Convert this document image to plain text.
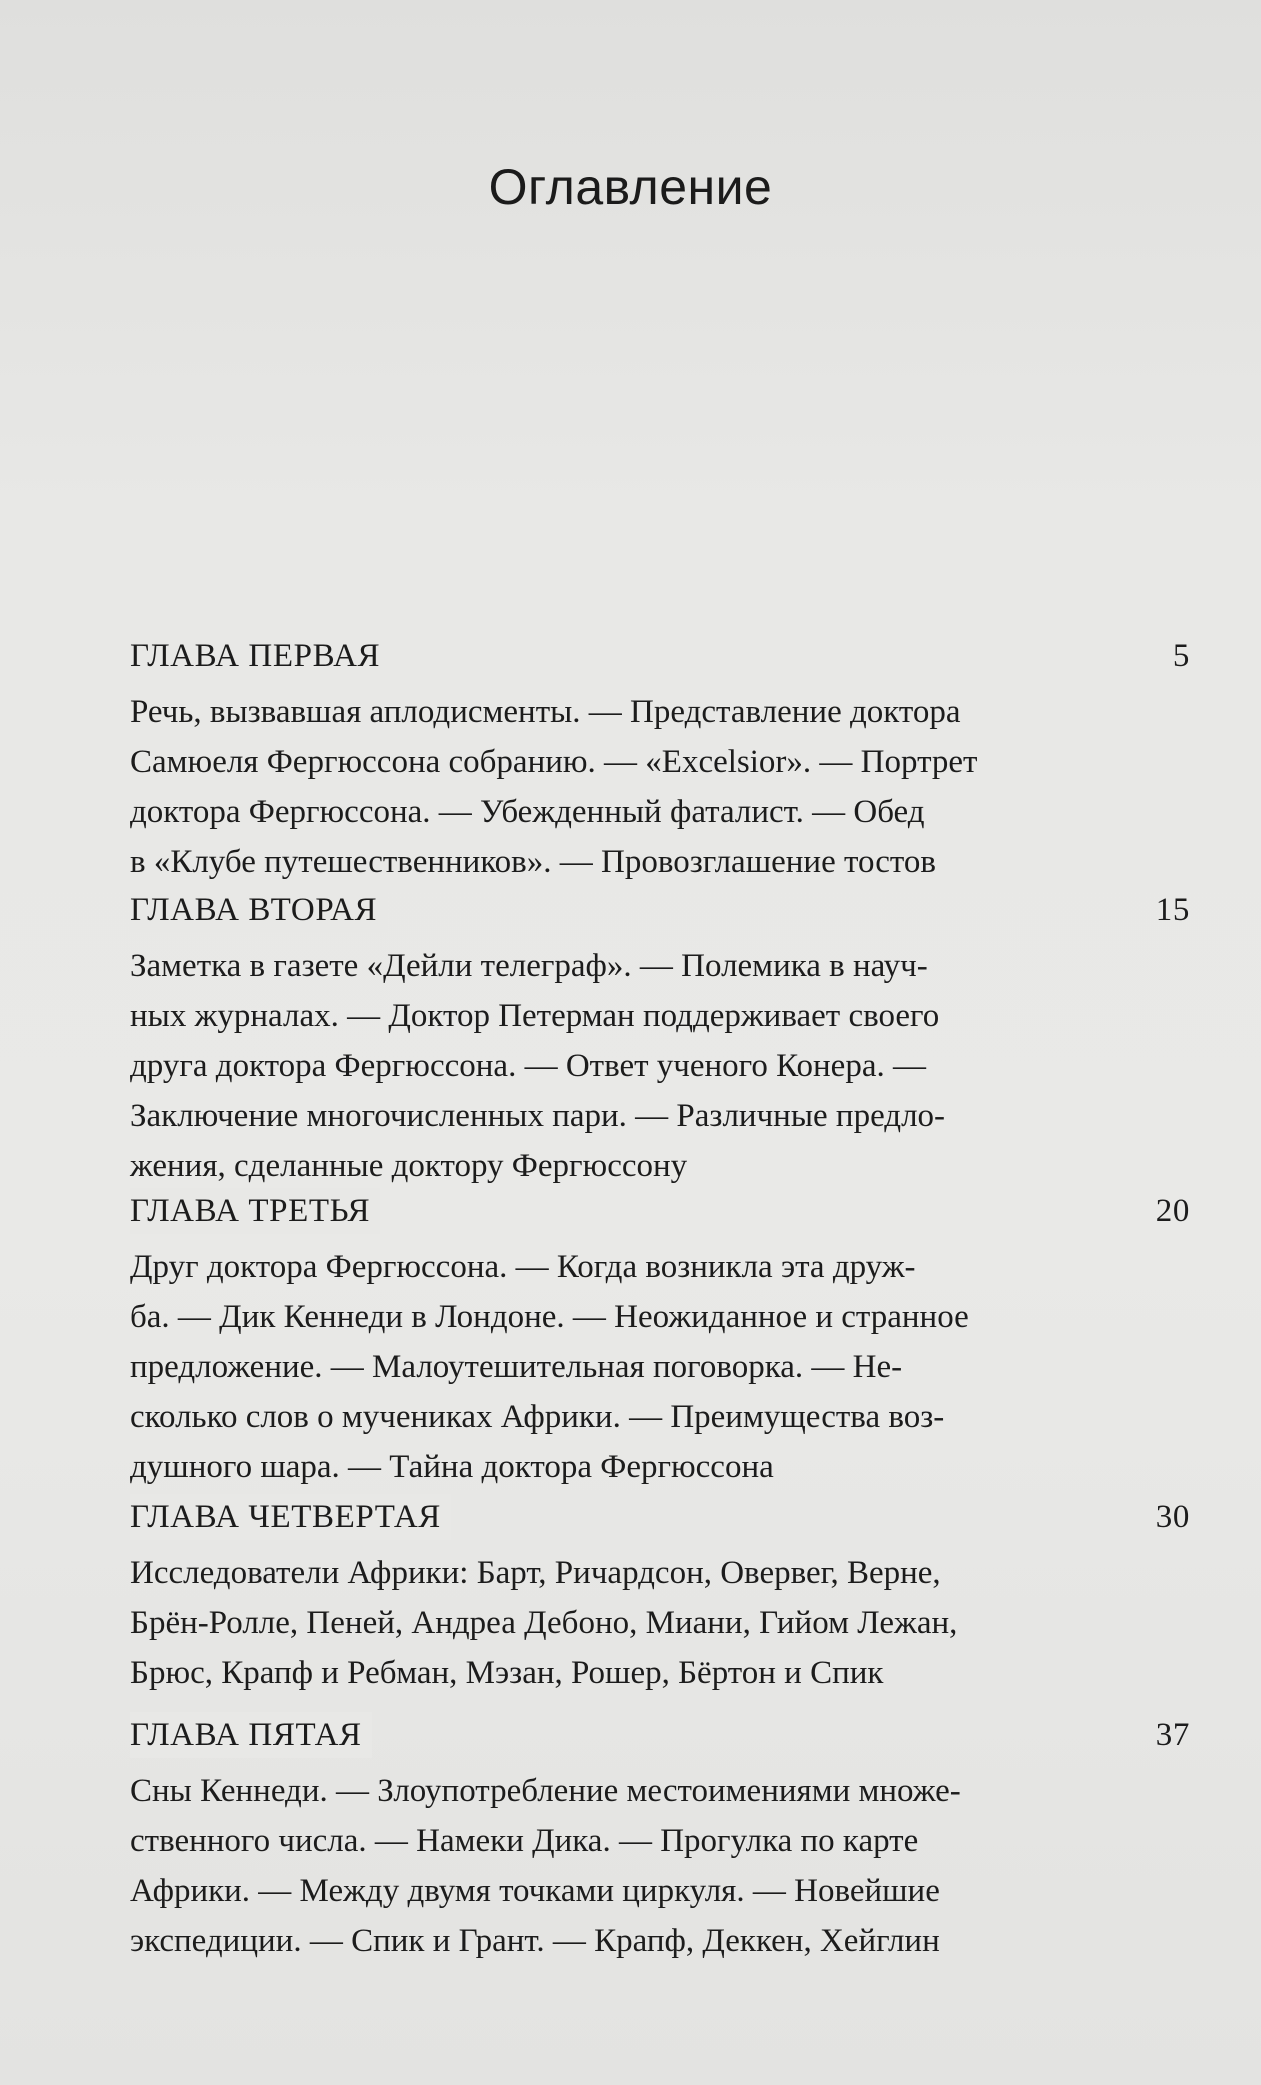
Оглавление
ГЛАВА ПЕРВАЯ	5
Речь, вызвавшая аплодисменты. — Представление доктора
Самюеля Фергюссона собранию. — «Excelsior». — Портрет
доктора Фергюссона. — Убежденный фаталист. — Обед
в «Клубе путешественников». — Провозглашение тостов
ГЛАВА ВТОРАЯ	15
Заметка в газете «Дейли телеграф». — Полемика в науч-
ных журналах. — Доктор Петерман поддерживает своего
друга доктора Фергюссона. — Ответ ученого Конера. —
Заключение многочисленных пари. — Различные предло-
жения, сделанные доктору Фергюссону
ГЛАВА ТРЕТЬЯ	20
Друг доктора Фергюссона. — Когда возникла эта друж-
ба. — Дик Кеннеди в Лондоне. — Неожиданное и странное
предложение. — Малоутешительная поговорка. — Не-
сколько слов о мучениках Африки. — Преимущества воз-
душного шара. — Тайна доктора Фергюссона
ГЛАВА ЧЕТВЕРТАЯ	30
Исследователи Африки: Барт, Ричардсон, Овервег, Верне,
Брён-Ролле, Пеней, Андреа Дебоно, Миани, Гийом Лежан,
Брюс, Крапф и Ребман, Мэзан, Рошер, Бёртон и Спик
ГЛАВА ПЯТАЯ	37
Сны Кеннеди. — Злоупотребление местоимениями множе-
ственного числа. — Намеки Дика. — Прогулка по карте
Африки. — Между двумя точками циркуля. — Новейшие
экспедиции. — Спик и Грант. — Крапф, Деккен, Хейглин
